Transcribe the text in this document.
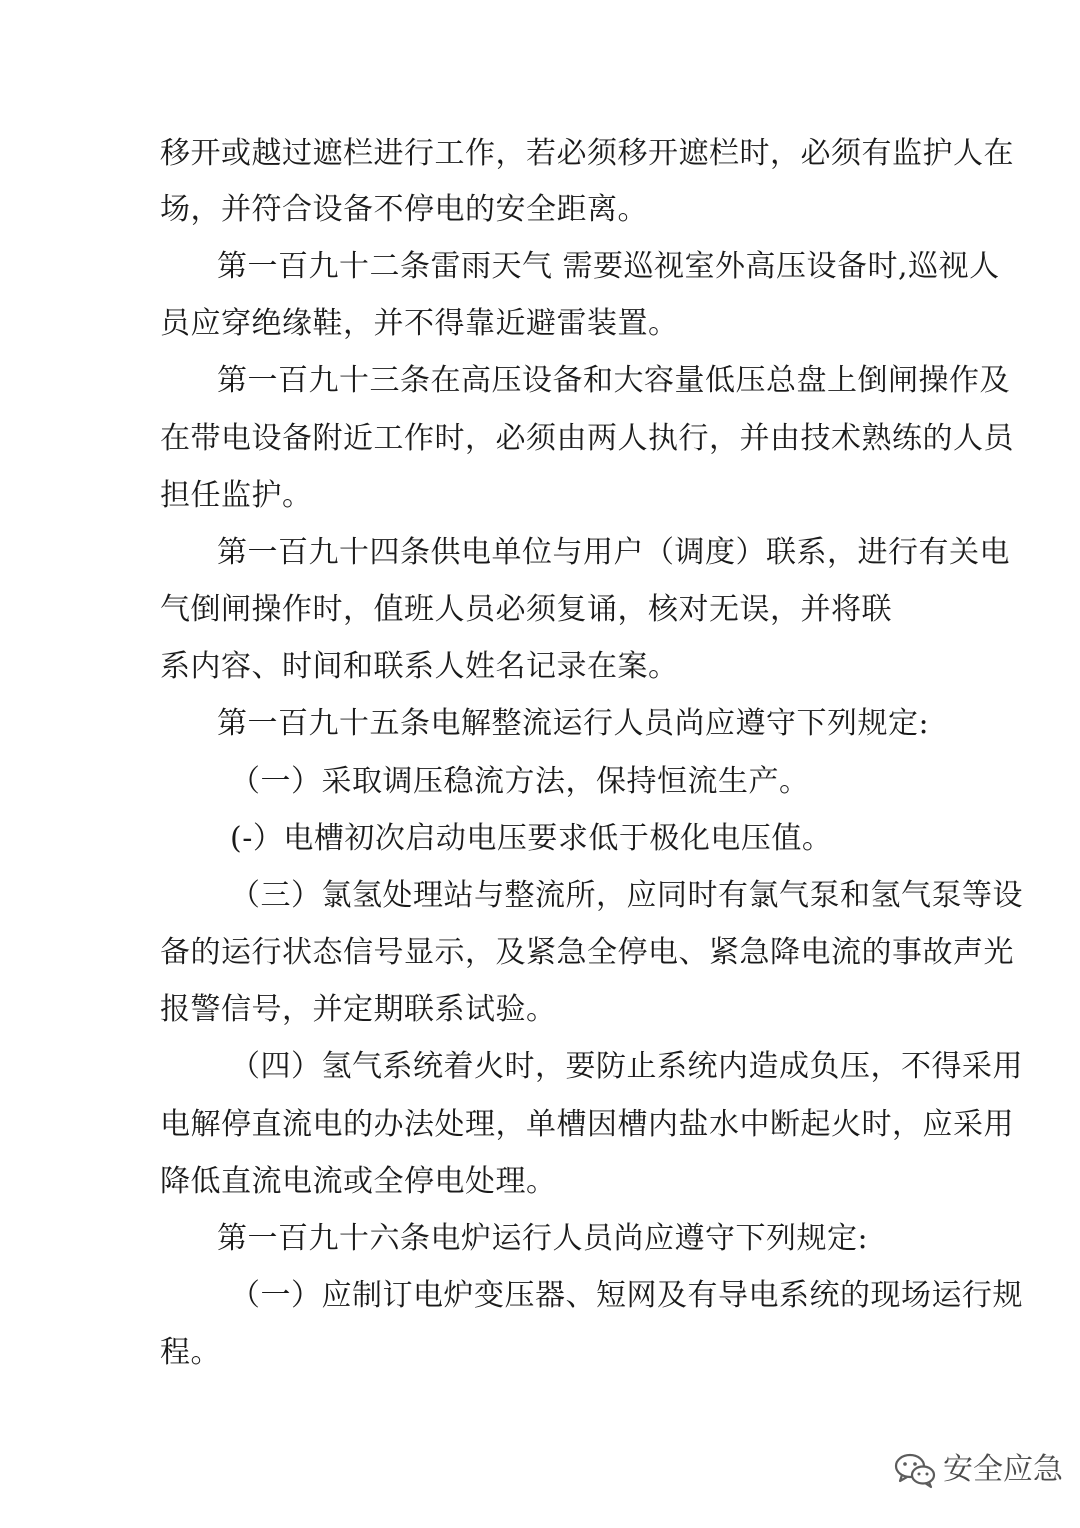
移开或越过遮栏进行工作，若必须移开遮栏时，必须有监护人在
场，并符合设备不停电的安全距离。
第一百九十二条雷雨天气 需要巡视室外高压设备时,巡视人
员应穿绝缘鞋，并不得靠近避雷装置。
第一百九十三条在高压设备和大容量低压总盘上倒闸操作及
在带电设备附近工作时，必须由两人执行，并由技术熟练的人员
担任监护。
第一百九十四条供电单位与用户（调度）联系，进行有关电
气倒闸操作时，值班人员必须复诵，核对无误，并将联
系内容、时间和联系人姓名记录在案。
第一百九十五条电解整流运行人员尚应遵守下列规定:
（一）采取调压稳流方法，保持恒流生产。
(-）电槽初次启动电压要求低于极化电压值。
（三）氯氢处理站与整流所，应同时有氯气泵和氢气泵等设
备的运行状态信号显示，及紧急全停电、紧急降电流的事故声光
报警信号，并定期联系试验。
（四）氢气系统着火时，要防止系统内造成负压，不得采用
电解停直流电的办法处理，单槽因槽内盐水中断起火时，应采用
降低直流电流或全停电处理。
第一百九十六条电炉运行人员尚应遵守下列规定:
（一）应制订电炉变压器、短网及有导电系统的现场运行规
程。
安全应急
